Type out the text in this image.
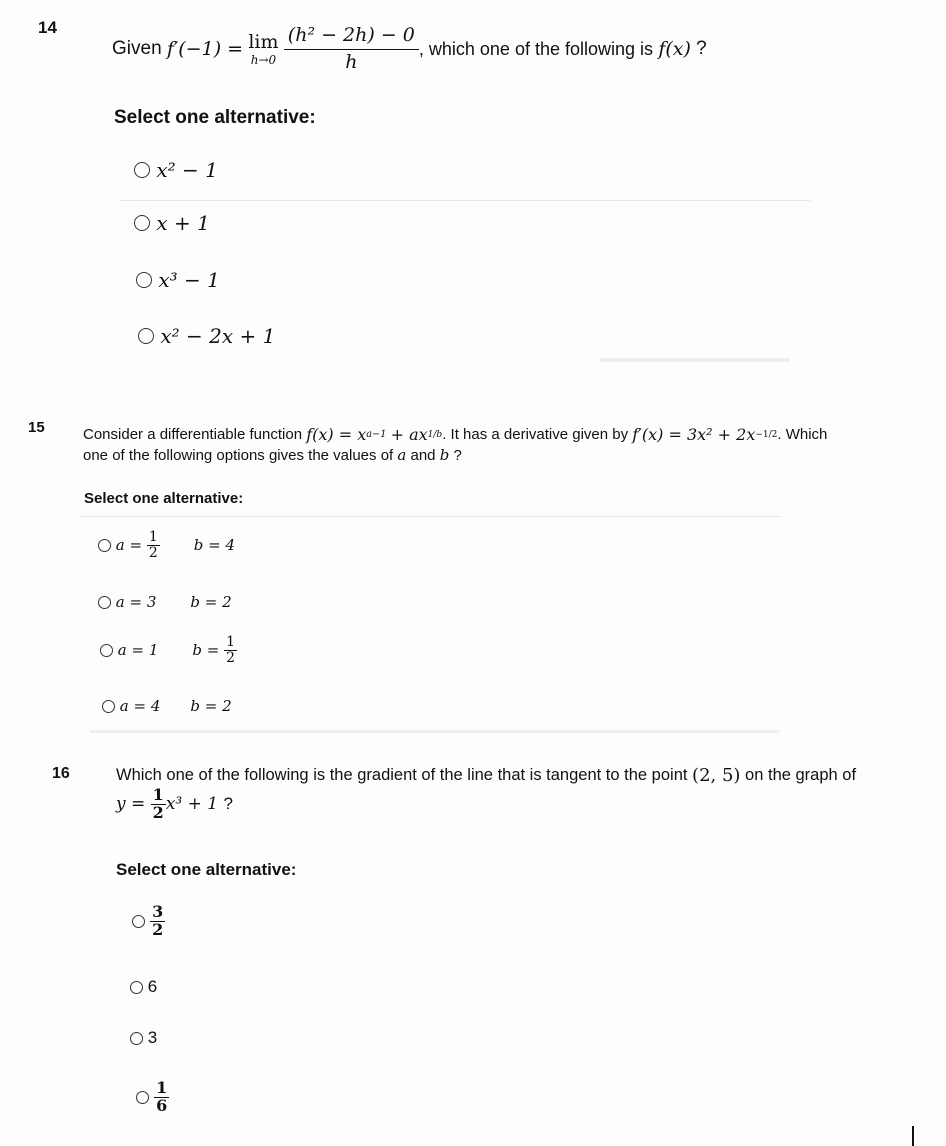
14
Given
f′(−1) =
lim
h→0
$\frac{\text{(h² − 2h) − 0}}{h}$ , which one of the following is
f(x)
?
Select one alternative:

x² − 1

x + 1

x³ − 1

x² − 2x + 1
15	Consider a differentiable function
f(x) = x a−1
+ ax 1/b . It has a derivative given by
f′(x) = 3x² + 2x −1/2 . Which
one of the following options gives the values of
a
and
b
?
Select one alternative:

a =
$\frac{1}{2}$ b = 4

a = 3 b = 2

a = 1 b =
$\frac{1}{2}$

a = 4 b = 2
16	Which one of the following is the gradient of the line that is tangent to the point
(2, 5)
on the graph of
y =
$\frac{1}{2} x^3 + 1$
?
Select one alternative:

$\frac{3}{2}$

6

3

$\frac{1}{6}$
